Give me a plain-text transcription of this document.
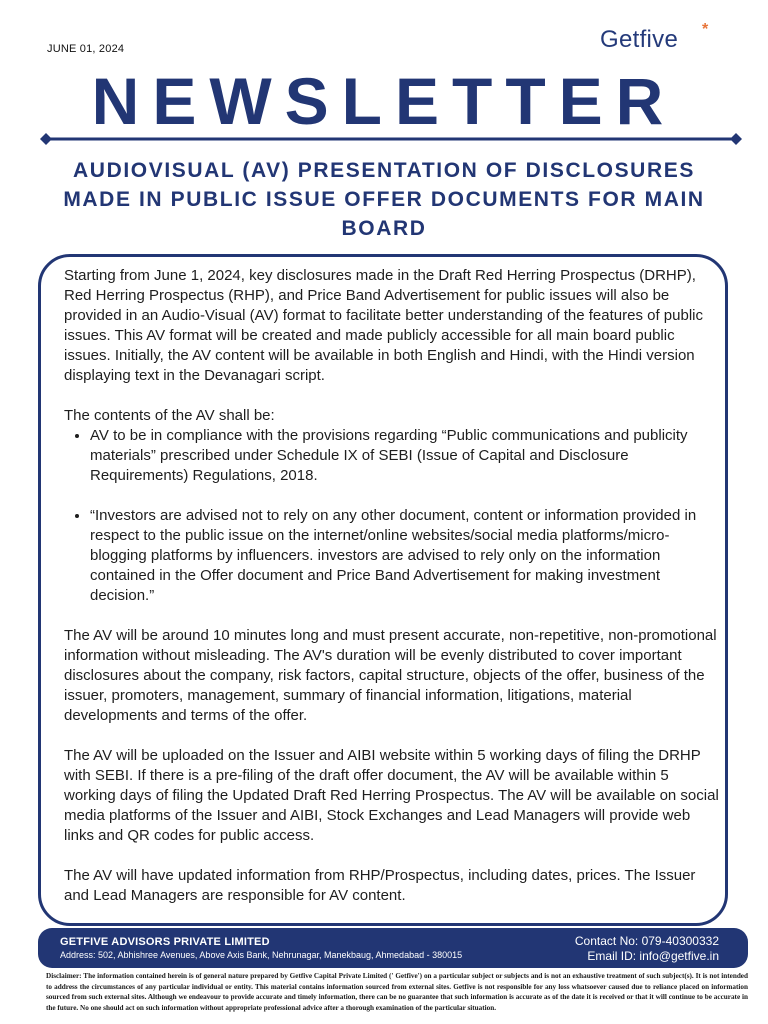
JUNE 01, 2024	Getfive *
NEWSLETTER
AUDIOVISUAL (AV) PRESENTATION OF DISCLOSURES MADE IN PUBLIC ISSUE OFFER DOCUMENTS FOR MAIN BOARD

Starting from June 1, 2024, key disclosures made in the Draft Red Herring Prospectus (DRHP), Red Herring Prospectus (RHP), and Price Band Advertisement for public issues will also be provided in an Audio-Visual (AV) format to facilitate better understanding of the features of public issues. This AV format will be created and made publicly accessible for all main board public issues. Initially, the AV content will be available in both English and Hindi, with the Hindi version displaying text in the Devanagari script.

The contents of the AV shall be:

• AV to be in compliance with the provisions regarding “Public communications and publicity materials” prescribed under Schedule IX of SEBI (Issue of Capital and Disclosure Requirements) Regulations, 2018.
• “Investors are advised not to rely on any other document, content or information provided in respect to the public issue on the internet/online websites/social media platforms/micro-blogging platforms by influencers. investors are advised to rely only on the information contained in the Offer document and Price Band Advertisement for making investment decision.”

The AV will be around 10 minutes long and must present accurate, non-repetitive, non-promotional information without misleading. The AV's duration will be evenly distributed to cover important disclosures about the company, risk factors, capital structure, objects of the offer, business of the issuer, promoters, management, summary of financial information, litigations, material developments and terms of the offer.

The AV will be uploaded on the Issuer and AIBI website within 5 working days of filing the DRHP with SEBI. If there is a pre-filing of the draft offer document, the AV will be available within 5 working days of filing the Updated Draft Red Herring Prospectus. The AV will be available on social media platforms of the Issuer and AIBI, Stock Exchanges and Lead Managers will provide web links and QR codes for public access.

The AV will have updated information from RHP/Prospectus, including dates, prices. The Issuer and Lead Managers are responsible for AV content.

GETFIVE ADVISORS PRIVATE LIMITED
Address: 502, Abhishree Avenues, Above Axis Bank, Nehrunagar, Manekbaug, Ahmedabad - 380015
Contact No: 079-40300332
Email ID: info@getfive.in
Disclaimer: The information contained herein is of general nature prepared by Getfive Capital Private Limited (' Getfive') on a particular subject or subjects and is not an exhaustive treatment of such subject(s). It is not intended to address the circumstances of any particular individual or entity. This material contains information sourced from external sites. Getfive is not responsible for any loss whatsoever caused due to reliance placed on information sourced from such external sites. Although we endeavour to provide accurate and timely information, there can be no guarantee that such information is accurate as of the date it is received or that it will continue to be accurate in the future. No one should act on such information without appropriate professional advice after a thorough examination of the particular situation.
